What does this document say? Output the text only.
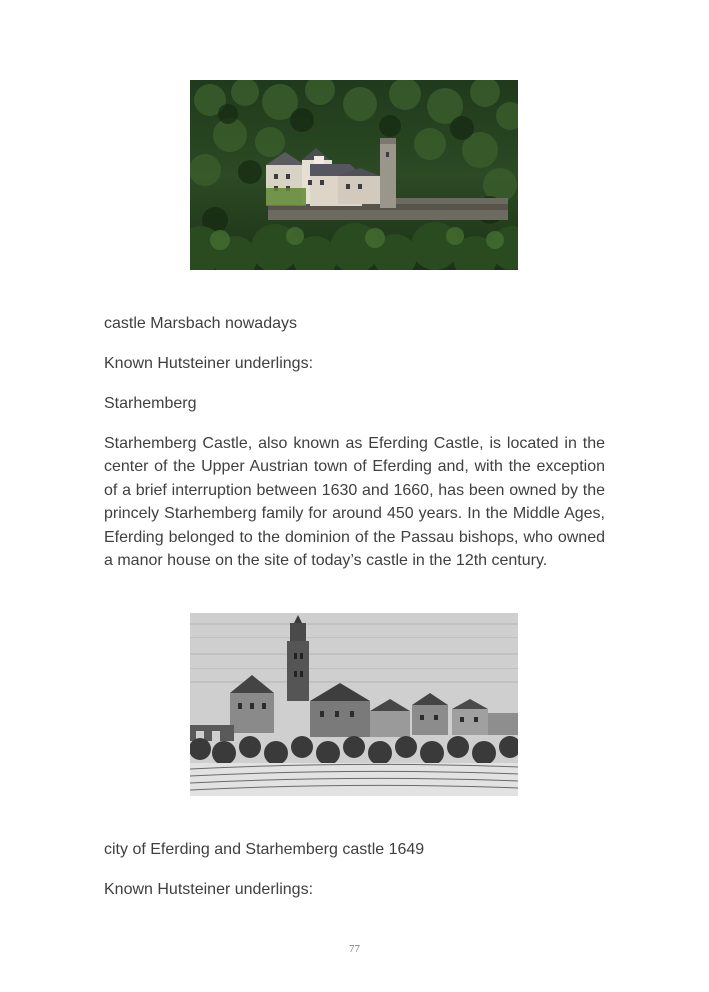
castle Marsbach nowadays

Known Hutsteiner underlings:

Starhemberg

Starhemberg Castle, also known as Eferding Castle, is located in the center of the Upper Austrian town of Eferding and, with the exception of a brief interruption between 1630 and 1660, has been owned by the princely Starhemberg family for around 450 years. In the Middle Ages, Eferding belonged to the dominion of the Passau bishops, who owned a manor house on the site of today’s castle in the 12th century.

city of Eferding and Starhemberg castle 1649

Known Hutsteiner underlings:

77
